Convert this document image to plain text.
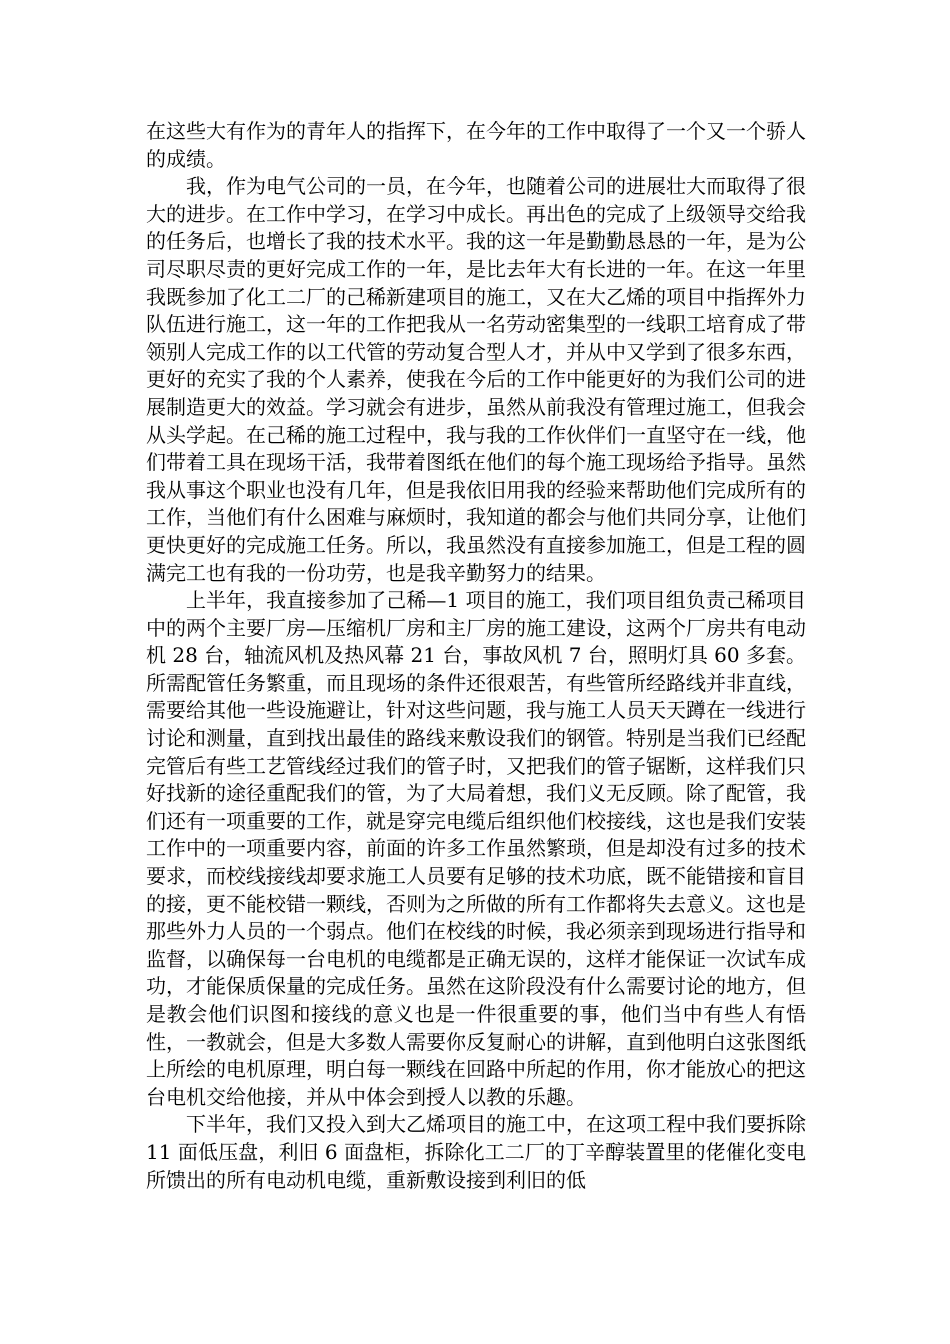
在这些大有作为的青年人的指挥下，在今年的工作中取得了一个又一个骄人的成绩。

我，作为电气公司的一员，在今年，也随着公司的进展壮大而取得了很大的进步。在工作中学习，在学习中成长。再出色的完成了上级领导交给我的任务后，也增长了我的技术水平。我的这一年是勤勤恳恳的一年，是为公司尽职尽责的更好完成工作的一年，是比去年大有长进的一年。在这一年里我既参加了化工二厂的己稀新建项目的施工，又在大乙烯的项目中指挥外力队伍进行施工，这一年的工作把我从一名劳动密集型的一线职工培育成了带领别人完成工作的以工代管的劳动复合型人才，并从中又学到了很多东西，更好的充实了我的个人素养，使我在今后的工作中能更好的为我们公司的进展制造更大的效益。学习就会有进步，虽然从前我没有管理过施工，但我会从头学起。在己稀的施工过程中，我与我的工作伙伴们一直坚守在一线，他们带着工具在现场干活，我带着图纸在他们的每个施工现场给予指导。虽然我从事这个职业也没有几年，但是我依旧用我的经验来帮助他们完成所有的工作，当他们有什么困难与麻烦时，我知道的都会与他们共同分享，让他们更快更好的完成施工任务。所以，我虽然没有直接参加施工，但是工程的圆满完工也有我的一份功劳，也是我辛勤努力的结果。

上半年，我直接参加了己稀—1 项目的施工，我们项目组负责己稀项目中的两个主要厂房—压缩机厂房和主厂房的施工建设，这两个厂房共有电动机 28 台，轴流风机及热风幕 21 台，事故风机 7 台，照明灯具 60 多套。所需配管任务繁重，而且现场的条件还很艰苦，有些管所经路线并非直线，需要给其他一些设施避让，针对这些问题，我与施工人员天天蹲在一线进行讨论和测量，直到找出最佳的路线来敷设我们的钢管。特别是当我们已经配完管后有些工艺管线经过我们的管子时，又把我们的管子锯断，这样我们只好找新的途径重配我们的管，为了大局着想，我们义无反顾。除了配管，我们还有一项重要的工作，就是穿完电缆后组织他们校接线，这也是我们安装工作中的一项重要内容，前面的许多工作虽然繁琐，但是却没有过多的技术要求，而校线接线却要求施工人员要有足够的技术功底，既不能错接和盲目的接，更不能校错一颗线，否则为之所做的所有工作都将失去意义。这也是那些外力人员的一个弱点。他们在校线的时候，我必须亲到现场进行指导和监督，以确保每一台电机的电缆都是正确无误的，这样才能保证一次试车成功，才能保质保量的完成任务。虽然在这阶段没有什么需要讨论的地方，但是教会他们识图和接线的意义也是一件很重要的事，他们当中有些人有悟性，一教就会，但是大多数人需要你反复耐心的讲解，直到他明白这张图纸上所绘的电机原理，明白每一颗线在回路中所起的作用，你才能放心的把这台电机交给他接，并从中体会到授人以教的乐趣。

下半年，我们又投入到大乙烯项目的施工中，在这项工程中我们要拆除 11 面低压盘，利旧 6 面盘柜，拆除化工二厂的丁辛醇装置里的佬催化变电所馈出的所有电动机电缆，重新敷设接到利旧的低
